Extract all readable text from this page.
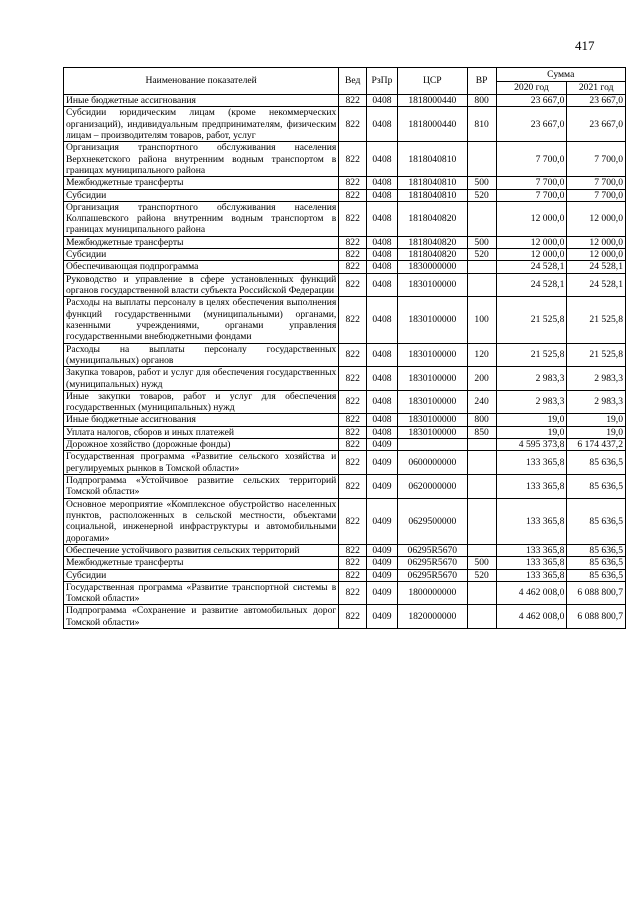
417
Наименование показателей	Вед	РзПр	ЦСР	ВР	Сумма	
					2020 год	2021 год
Иные бюджетные ассигнования	822	0408	1818000440	800	23 667,0	23 667,0
Субсидии юридическим лицам (кроме некоммерческих организаций), индивидуальным предпринимателям, физическим лицам – производителям товаров, работ, услуг	822	0408	1818000440	810	23 667,0	23 667,0
Организация транспортного обслуживания населения Верхнекетского района внутренним водным транспортом в границах муниципального района	822	0408	1818040810		7 700,0	7 700,0
Межбюджетные трансферты	822	0408	1818040810	500	7 700,0	7 700,0
Субсидии	822	0408	1818040810	520	7 700,0	7 700,0
Организация транспортного обслуживания населения Колпашевского района внутренним водным транспортом в границах муниципального района	822	0408	1818040820		12 000,0	12 000,0
Межбюджетные трансферты	822	0408	1818040820	500	12 000,0	12 000,0
Субсидии	822	0408	1818040820	520	12 000,0	12 000,0
Обеспечивающая подпрограмма	822	0408	1830000000		24 528,1	24 528,1
Руководство и управление в сфере установленных функций органов государственной власти субъекта Российской Федерации	822	0408	1830100000		24 528,1	24 528,1
Расходы на выплаты персоналу в целях обеспечения выполнения функций государственными (муниципальными) органами, казенными учреждениями, органами управления государственными внебюджетными фондами	822	0408	1830100000	100	21 525,8	21 525,8
Расходы на выплаты персоналу государственных (муниципальных) органов	822	0408	1830100000	120	21 525,8	21 525,8
Закупка товаров, работ и услуг для обеспечения государственных (муниципальных) нужд	822	0408	1830100000	200	2 983,3	2 983,3
Иные закупки товаров, работ и услуг для обеспечения государственных (муниципальных) нужд	822	0408	1830100000	240	2 983,3	2 983,3
Иные бюджетные ассигнования	822	0408	1830100000	800	19,0	19,0
Уплата налогов, сборов и иных платежей	822	0408	1830100000	850	19,0	19,0
Дорожное хозяйство (дорожные фонды)	822	0409			4 595 373,8	6 174 437,2
Государственная программа «Развитие сельского хозяйства и регулируемых рынков в Томской области»	822	0409	0600000000		133 365,8	85 636,5
Подпрограмма «Устойчивое развитие сельских территорий Томской области»	822	0409	0620000000		133 365,8	85 636,5
Основное мероприятие «Комплексное обустройство населенных пунктов, расположенных в сельской местности, объектами социальной, инженерной инфраструктуры и автомобильными дорогами»	822	0409	0629500000		133 365,8	85 636,5
Обеспечение устойчивого развития сельских территорий	822	0409	06295R5670		133 365,8	85 636,5
Межбюджетные трансферты	822	0409	06295R5670	500	133 365,8	85 636,5
Субсидии	822	0409	06295R5670	520	133 365,8	85 636,5
Государственная программа «Развитие транспортной системы в Томской области»	822	0409	1800000000		4 462 008,0	6 088 800,7
Подпрограмма «Сохранение и развитие автомобильных дорог Томской области»	822	0409	1820000000		4 462 008,0	6 088 800,7
